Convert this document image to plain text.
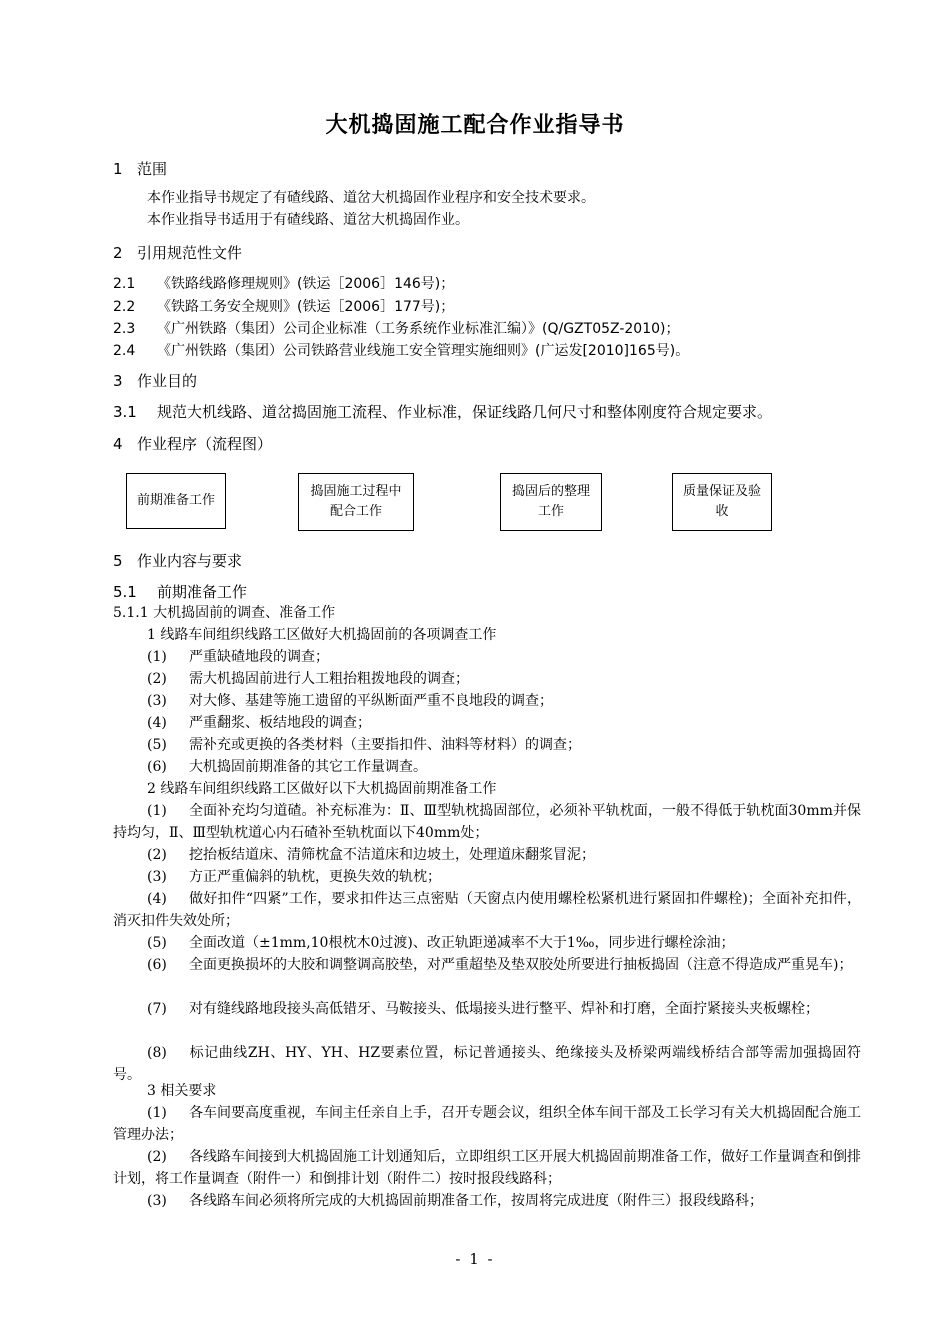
大机捣固施工配合作业指导书
1 范围
本作业指导书规定了有碴线路、道岔大机捣固作业程序和安全技术要求。
本作业指导书适用于有碴线路、道岔大机捣固作业。
2 引用规范性文件
2.1 《铁路线路修理规则》(铁运［2006］146号)；
2.2 《铁路工务安全规则》(铁运［2006］177号)；
2.3 《广州铁路（集团）公司企业标准（工务系统作业标准汇编）》(Q/GZT05Z-2010)；
2.4 《广州铁路（集团）公司铁路营业线施工安全管理实施细则》(广运发[2010]165号)。
3 作业目的
3.1 规范大机线路、道岔捣固施工流程、作业标准，保证线路几何尺寸和整体刚度符合规定要求。
4 作业程序（流程图）
前期准备工作
捣固施工过程中配合工作
捣固后的整理工作
质量保证及验收
5 作业内容与要求
5.1 前期准备工作
5.1.1 大机捣固前的调查、准备工作
1 线路车间组织线路工区做好大机捣固前的各项调查工作
(1) 严重缺碴地段的调查；
(2) 需大机捣固前进行人工粗抬粗拨地段的调查；
(3) 对大修、基建等施工遗留的平纵断面严重不良地段的调查；
(4) 严重翻浆、板结地段的调查；
(5) 需补充或更换的各类材料（主要指扣件、油料等材料）的调查；
(6) 大机捣固前期准备的其它工作量调查。
2 线路车间组织线路工区做好以下大机捣固前期准备工作
(1) 全面补充均匀道碴。补充标准为：Ⅱ、Ⅲ型轨枕捣固部位，必须补平轨枕面，一般不得低于轨枕面30mm并保持均匀，Ⅱ、Ⅲ型轨枕道心内石碴补至轨枕面以下40mm处；
(2) 挖抬板结道床、清筛枕盒不洁道床和边坡土，处理道床翻浆冒泥；
(3) 方正严重偏斜的轨枕，更换失效的轨枕；
(4) 做好扣件“四紧”工作，要求扣件达三点密贴（天窗点内使用螺栓松紧机进行紧固扣件螺栓)；全面补充扣件，消灭扣件失效处所；
(5) 全面改道（±1mm,10根枕木0过渡)、改正轨距递减率不大于1‰，同步进行螺栓涂油；
(6) 全面更换损坏的大胶和调整调高胶垫，对严重超垫及垫双胶处所要进行抽板捣固（注意不得造成严重晃车)；
(7) 对有缝线路地段接头高低错牙、马鞍接头、低塌接头进行整平、焊补和打磨，全面拧紧接头夹板螺栓；
(8) 标记曲线ZH、HY、YH、HZ要素位置，标记普通接头、绝缘接头及桥梁两端线桥结合部等需加强捣固符号。
3 相关要求
(1) 各车间要高度重视，车间主任亲自上手，召开专题会议，组织全体车间干部及工长学习有关大机捣固配合施工管理办法；
(2) 各线路车间接到大机捣固施工计划通知后，立即组织工区开展大机捣固前期准备工作，做好工作量调查和倒排计划，将工作量调查（附件一）和倒排计划（附件二）按时报段线路科；
(3) 各线路车间必须将所完成的大机捣固前期准备工作，按周将完成进度（附件三）报段线路科；
- 1 -
